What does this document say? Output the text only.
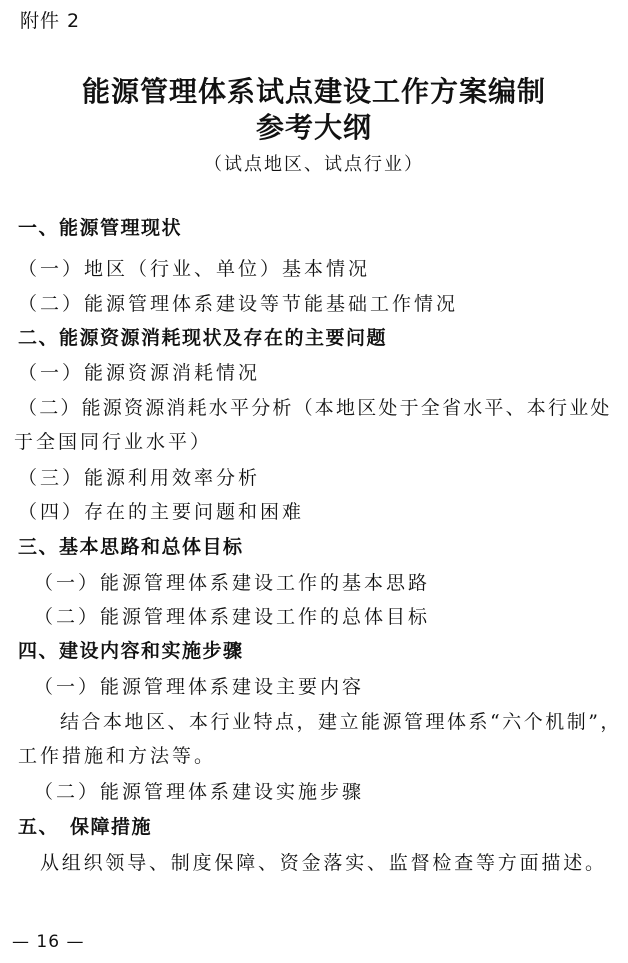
附件 2
能源管理体系试点建设工作方案编制
参考大纲
（试点地区、试点行业）
一、能源管理现状
（一）地区（行业、单位）基本情况
（二）能源管理体系建设等节能基础工作情况
二、能源资源消耗现状及存在的主要问题
（一）能源资源消耗情况
（二）能源资源消耗水平分析（本地区处于全省水平、本行业处
于全国同行业水平）
（三）能源利用效率分析
（四）存在的主要问题和困难
三、基本思路和总体目标
（一）能源管理体系建设工作的基本思路
（二）能源管理体系建设工作的总体目标
四、建设内容和实施步骤
（一）能源管理体系建设主要内容
结合本地区、本行业特点，建立能源管理体系“六个机制”，
工作措施和方法等。
（二）能源管理体系建设实施步骤
五、　保障措施
从组织领导、制度保障、资金落实、监督检查等方面描述。
— 16 —
